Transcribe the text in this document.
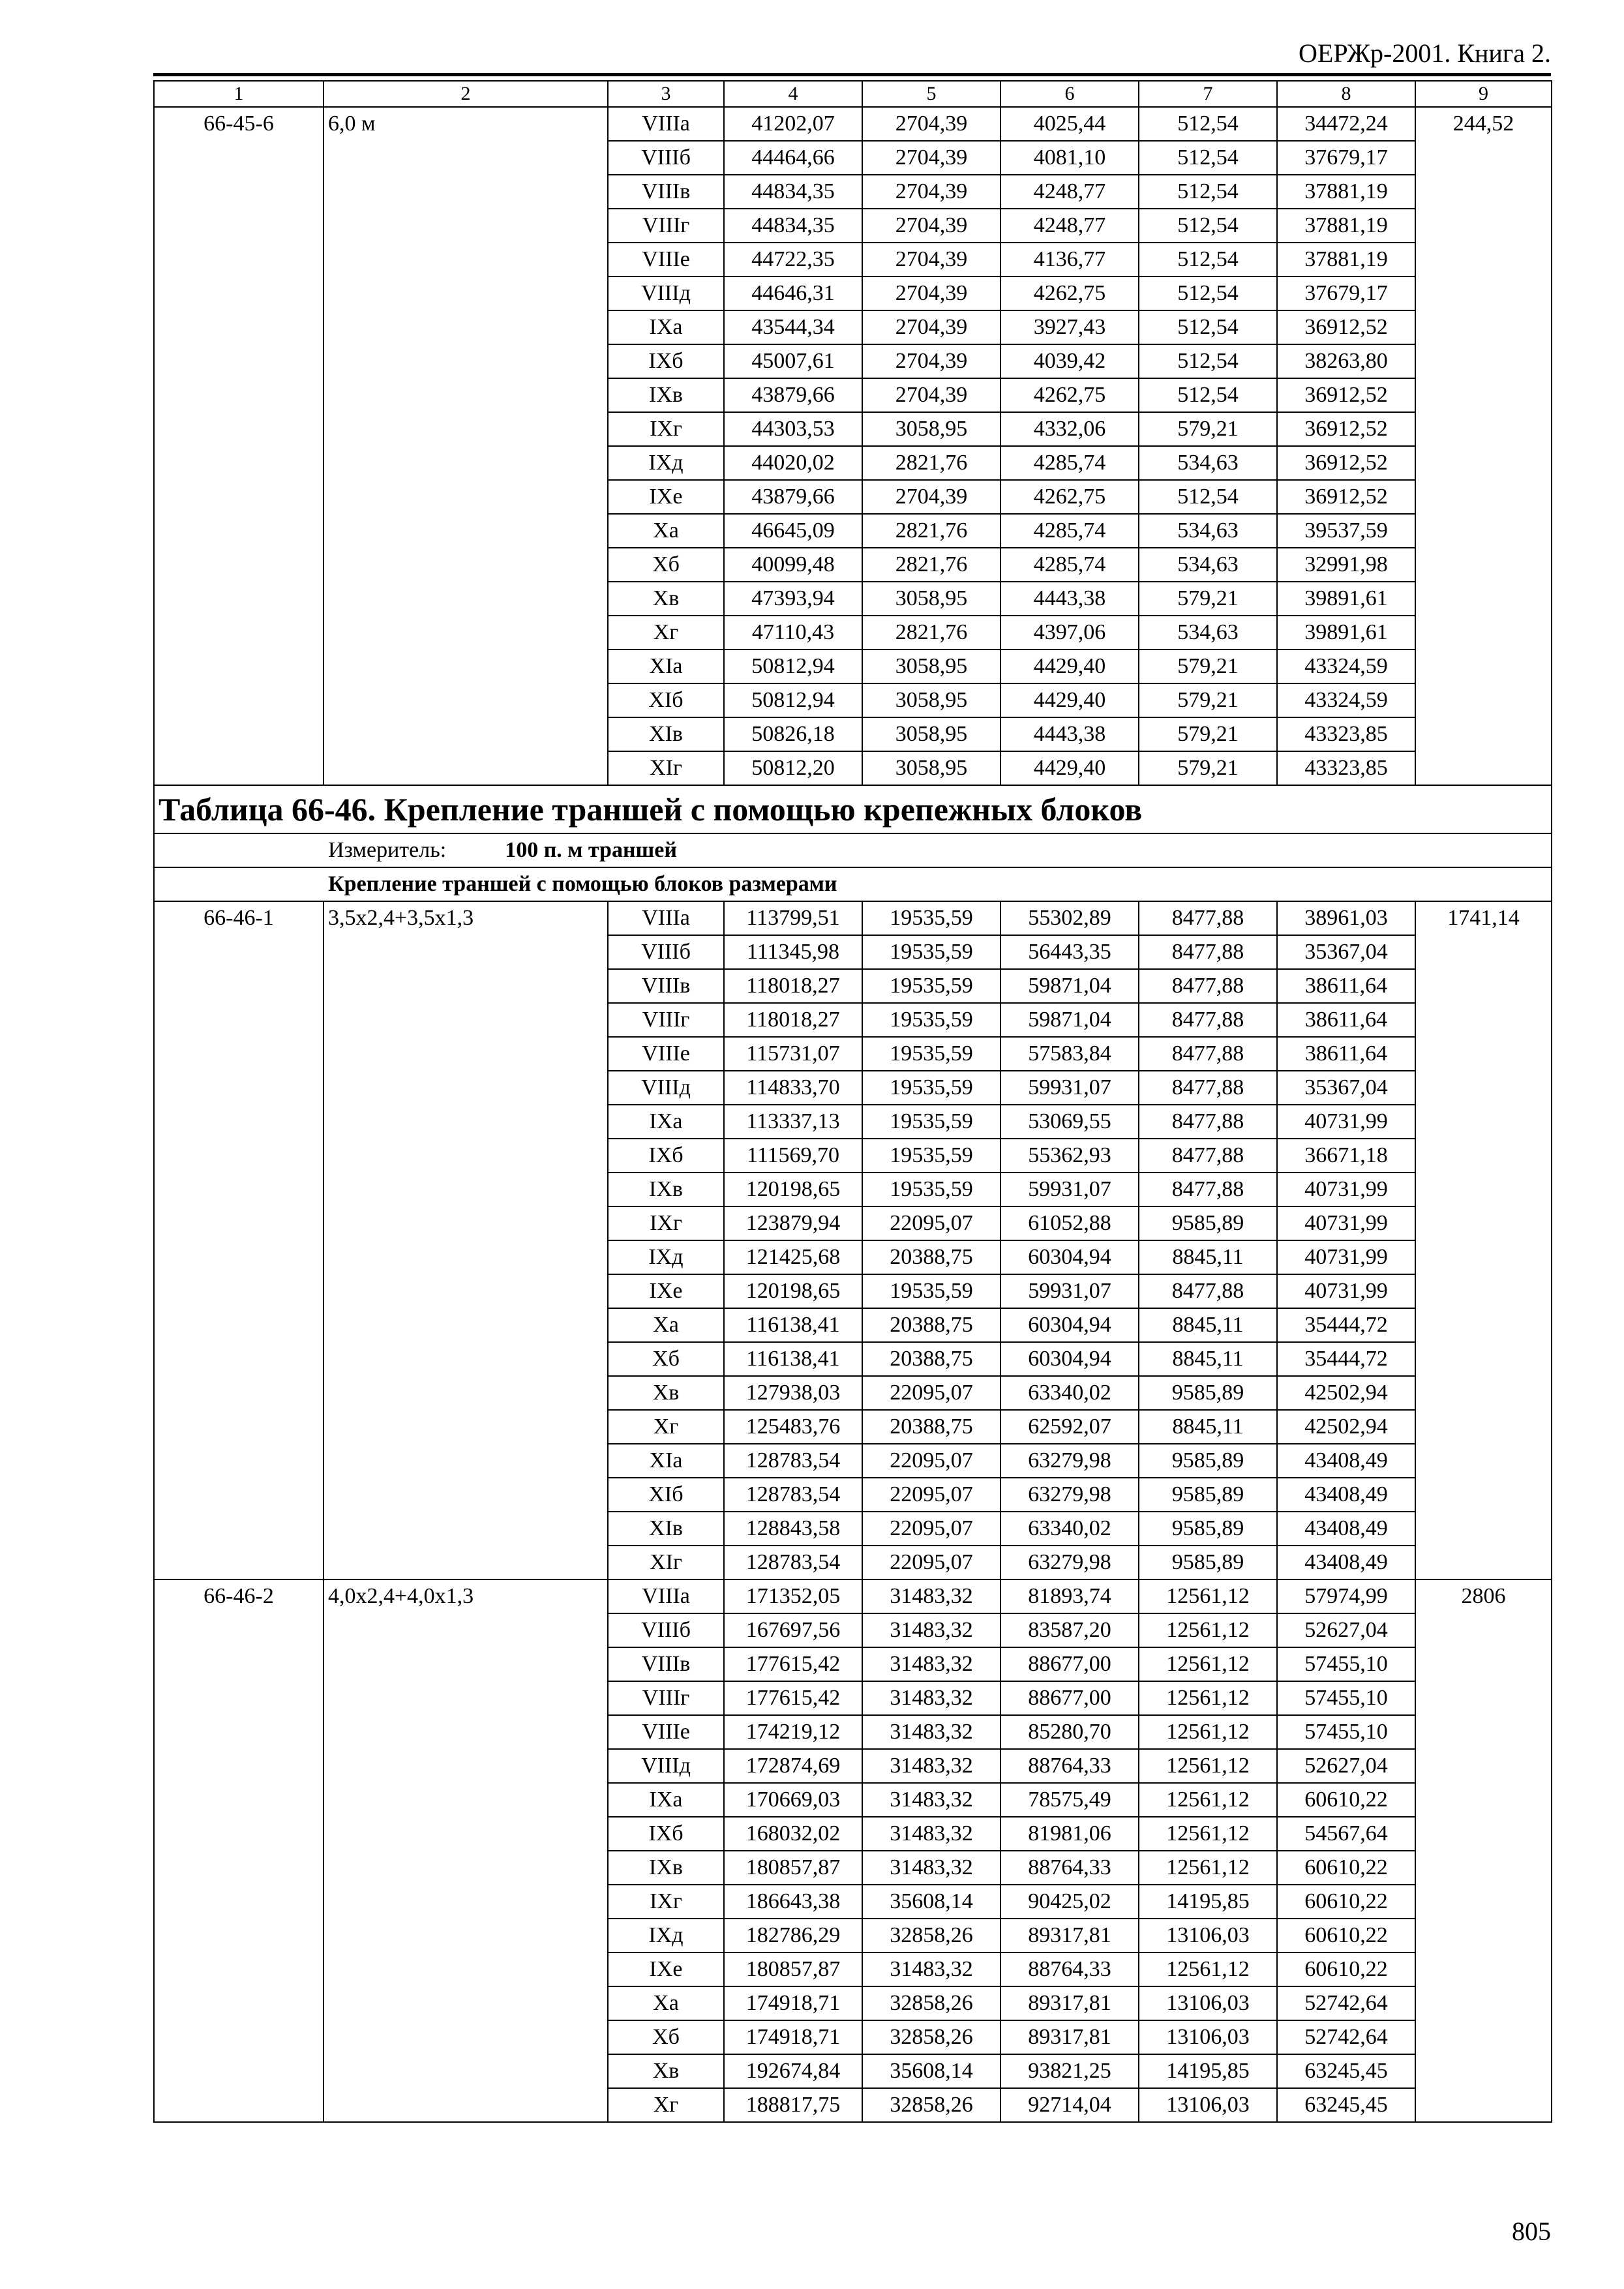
ОЕРЖр-2001. Книга 2.
1	2	3	4	5	6	7	8	9
66-45-6	6,0 м	VIIIа	41202,07	2704,39	4025,44	512,54	34472,24	244,52
		VIIIб	44464,66	2704,39	4081,10	512,54	37679,17	
		VIIIв	44834,35	2704,39	4248,77	512,54	37881,19	
		VIIIг	44834,35	2704,39	4248,77	512,54	37881,19	
		VIIIе	44722,35	2704,39	4136,77	512,54	37881,19	
		VIIIд	44646,31	2704,39	4262,75	512,54	37679,17	
		IXа	43544,34	2704,39	3927,43	512,54	36912,52	
		IXб	45007,61	2704,39	4039,42	512,54	38263,80	
		IXв	43879,66	2704,39	4262,75	512,54	36912,52	
		IXг	44303,53	3058,95	4332,06	579,21	36912,52	
		IXд	44020,02	2821,76	4285,74	534,63	36912,52	
		IXе	43879,66	2704,39	4262,75	512,54	36912,52	
		Xа	46645,09	2821,76	4285,74	534,63	39537,59	
		Xб	40099,48	2821,76	4285,74	534,63	32991,98	
		Xв	47393,94	3058,95	4443,38	579,21	39891,61	
		Xг	47110,43	2821,76	4397,06	534,63	39891,61	
		XIа	50812,94	3058,95	4429,40	579,21	43324,59	
		XIб	50812,94	3058,95	4429,40	579,21	43324,59	
		XIв	50826,18	3058,95	4443,38	579,21	43323,85	
		XIг	50812,20	3058,95	4429,40	579,21	43323,85	
Таблица 66-46. Крепление траншей с помощью крепежных блоков								
Измеритель: 100 п. м траншей								
Крепление траншей с помощью блоков размерами								
66-46-1	3,5х2,4+3,5х1,3	VIIIа	113799,51	19535,59	55302,89	8477,88	38961,03	1741,14
		VIIIб	111345,98	19535,59	56443,35	8477,88	35367,04	
		VIIIв	118018,27	19535,59	59871,04	8477,88	38611,64	
		VIIIг	118018,27	19535,59	59871,04	8477,88	38611,64	
		VIIIе	115731,07	19535,59	57583,84	8477,88	38611,64	
		VIIIд	114833,70	19535,59	59931,07	8477,88	35367,04	
		IXа	113337,13	19535,59	53069,55	8477,88	40731,99	
		IXб	111569,70	19535,59	55362,93	8477,88	36671,18	
		IXв	120198,65	19535,59	59931,07	8477,88	40731,99	
		IXг	123879,94	22095,07	61052,88	9585,89	40731,99	
		IXд	121425,68	20388,75	60304,94	8845,11	40731,99	
		IXе	120198,65	19535,59	59931,07	8477,88	40731,99	
		Xа	116138,41	20388,75	60304,94	8845,11	35444,72	
		Xб	116138,41	20388,75	60304,94	8845,11	35444,72	
		Xв	127938,03	22095,07	63340,02	9585,89	42502,94	
		Xг	125483,76	20388,75	62592,07	8845,11	42502,94	
		XIа	128783,54	22095,07	63279,98	9585,89	43408,49	
		XIб	128783,54	22095,07	63279,98	9585,89	43408,49	
		XIв	128843,58	22095,07	63340,02	9585,89	43408,49	
		XIг	128783,54	22095,07	63279,98	9585,89	43408,49	
66-46-2	4,0х2,4+4,0х1,3	VIIIа	171352,05	31483,32	81893,74	12561,12	57974,99	2806
		VIIIб	167697,56	31483,32	83587,20	12561,12	52627,04	
		VIIIв	177615,42	31483,32	88677,00	12561,12	57455,10	
		VIIIг	177615,42	31483,32	88677,00	12561,12	57455,10	
		VIIIе	174219,12	31483,32	85280,70	12561,12	57455,10	
		VIIIд	172874,69	31483,32	88764,33	12561,12	52627,04	
		IXа	170669,03	31483,32	78575,49	12561,12	60610,22	
		IXб	168032,02	31483,32	81981,06	12561,12	54567,64	
		IXв	180857,87	31483,32	88764,33	12561,12	60610,22	
		IXг	186643,38	35608,14	90425,02	14195,85	60610,22	
		IXд	182786,29	32858,26	89317,81	13106,03	60610,22	
		IXе	180857,87	31483,32	88764,33	12561,12	60610,22	
		Xа	174918,71	32858,26	89317,81	13106,03	52742,64	
		Xб	174918,71	32858,26	89317,81	13106,03	52742,64	
		Xв	192674,84	35608,14	93821,25	14195,85	63245,45	
		Xг	188817,75	32858,26	92714,04	13106,03	63245,45	
805
